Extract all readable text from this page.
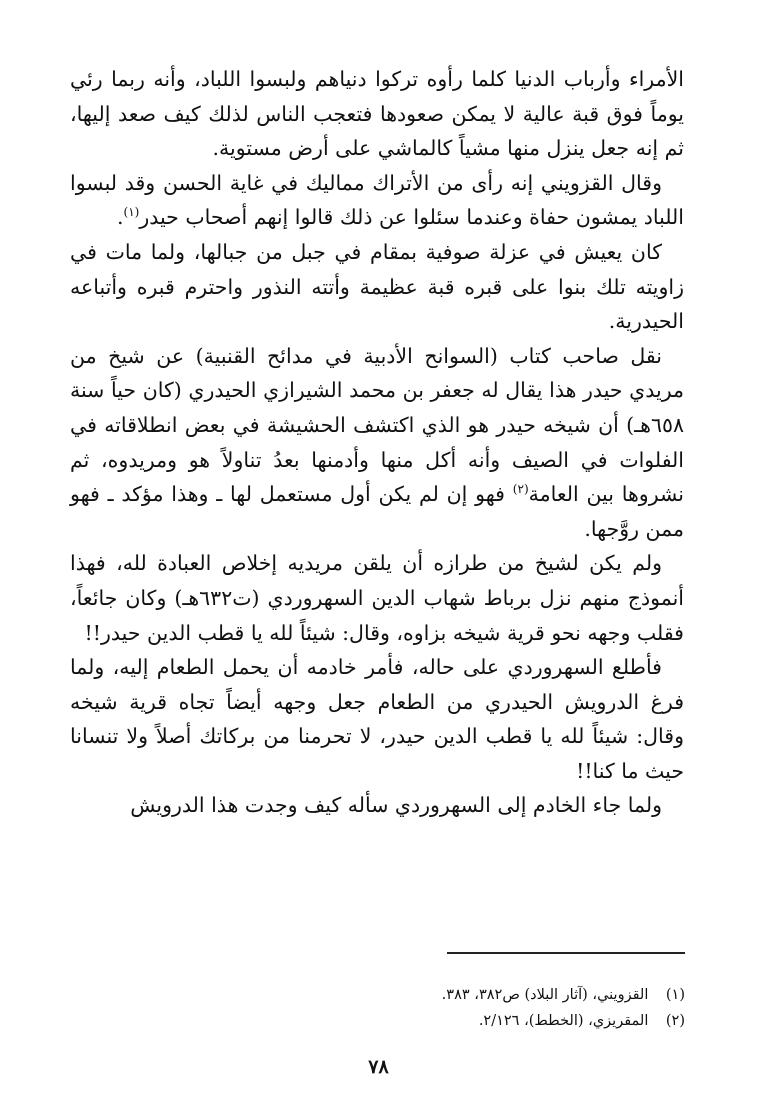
الأمراء وأرباب الدنيا كلما رأوه تركوا دنياهم ولبسوا اللباد، وأنه ربما رئي يوماً فوق قبة عالية لا يمكن صعودها فتعجب الناس لذلك كيف صعد إليها، ثم إنه جعل ينزل منها مشياً كالماشي على أرض مستوية.

وقال القزويني إنه رأى من الأتراك مماليك في غاية الحسن وقد لبسوا اللباد يمشون حفاة وعندما سئلوا عن ذلك قالوا إنهم أصحاب حيدر$^{(١)}$.

كان يعيش في عزلة صوفية بمقام في جبل من جبالها، ولما مات في زاويته تلك بنوا على قبره قبة عظيمة وأتته النذور واحترم قبره وأتباعه الحيدرية.

نقل صاحب كتاب (السوانح الأدبية في مدائح القنبية) عن شيخ من مريدي حيدر هذا يقال له جعفر بن محمد الشيرازي الحيدري (كان حياً سنة ٦٥٨هـ) أن شيخه حيدر هو الذي اكتشف الحشيشة في بعض انطلاقاته في الفلوات في الصيف وأنه أكل منها وأدمنها بعدُ تناولاً هو ومريدوه، ثم نشروها بين العامة$^{(٢)}$ فهو إن لم يكن أول مستعمل لها ـ وهذا مؤكد ـ فهو ممن روَّجها.

ولم يكن لشيخ من طرازه أن يلقن مريديه إخلاص العبادة لله، فهذا أنموذج منهم نزل برباط شهاب الدين السهروردي (ت٦٣٢هـ) وكان جائعاً، فقلب وجهه نحو قرية شيخه بزاوه، وقال: شيئاً لله يا قطب الدين حيدر!!

فأطلع السهروردي على حاله، فأمر خادمه أن يحمل الطعام إليه، ولما فرغ الدرويش الحيدري من الطعام جعل وجهه أيضاً تجاه قرية شيخه وقال: شيئاً لله يا قطب الدين حيدر، لا تحرمنا من بركاتك أصلاً ولا تنسانا حيث ما كنا!!

ولما جاء الخادم إلى السهروردي سأله كيف وجدت هذا الدرويش

(١) القزويني، (آثار البلاد) ص٣٨٢، ٣٨٣.
(٢) المقريزي، (الخطط)، ٢/١٢٦.
٧٨
